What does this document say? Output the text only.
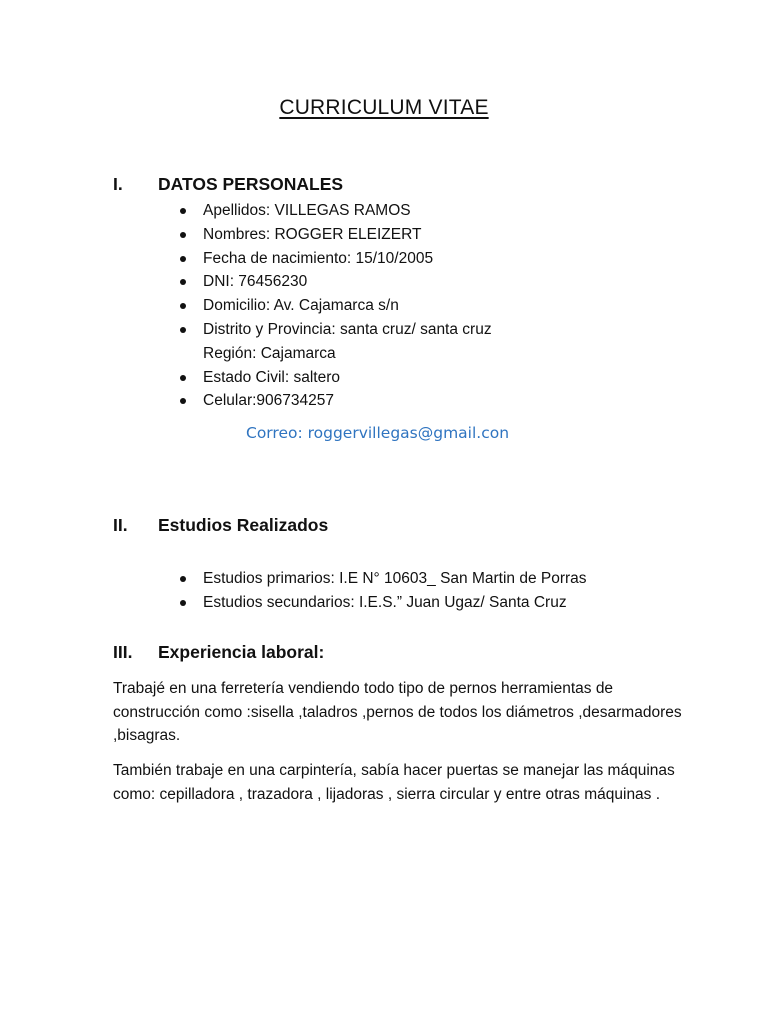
CURRICULUM VITAE
I.	DATOS PERSONALES
Apellidos: VILLEGAS RAMOS
Nombres: ROGGER ELEIZERT
Fecha de nacimiento: 15/10/2005
DNI: 76456230
Domicilio: Av. Cajamarca s/n
Distrito y Provincia: santa cruz/ santa cruz
Región: Cajamarca
Estado Civil: saltero
Celular:906734257
Correo: roggervillegas@gmail.con
II.	Estudios Realizados
Estudios primarios: I.E N° 10603_ San Martin de Porras
Estudios secundarios: I.E.S.” Juan Ugaz/ Santa Cruz
III.	Experiencia laboral:

Trabajé en una ferretería vendiendo todo tipo de pernos herramientas de construcción como :sisella ,taladros ,pernos de todos los diámetros ,desarmadores ,bisagras.

También trabaje en una carpintería, sabía hacer puertas se manejar las máquinas como: cepilladora , trazadora , lijadoras , sierra circular y entre otras máquinas .
